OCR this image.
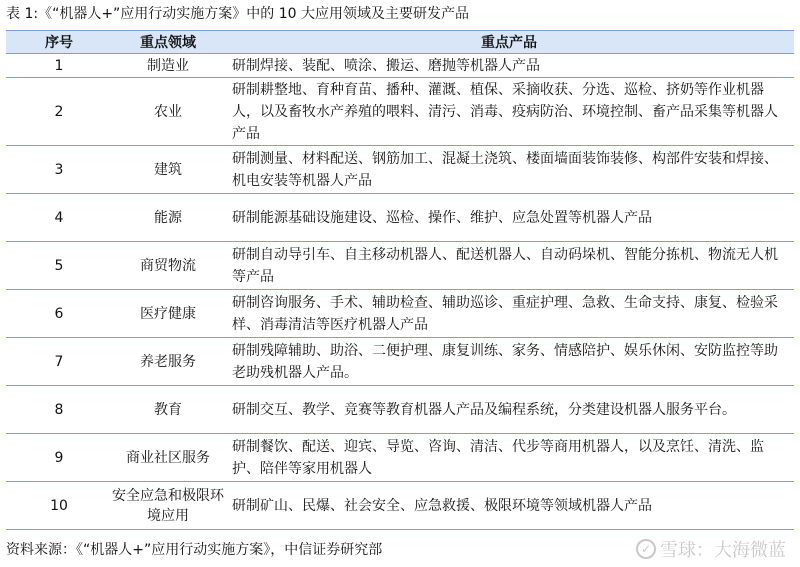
表 1:《“机器人+”应用行动实施方案》中的 10 大应用领域及主要研发产品
序号	重点领域	重点产品
1	制造业	研制焊接、装配、喷涂、搬运、磨抛等机器人产品
2	农业	研制耕整地、育种育苗、播种、灌溉、植保、采摘收获、分选、巡检、挤奶等作业机器人，以及畜牧水产养殖的喂料、清污、消毒、疫病防治、环境控制、畜产品采集等机器人产品
3	建筑	研制测量、材料配送、钢筋加工、混凝土浇筑、楼面墙面装饰装修、构部件安装和焊接、机电安装等机器人产品
4	能源	研制能源基础设施建设、巡检、操作、维护、应急处置等机器人产品
5	商贸物流	研制自动导引车、自主移动机器人、配送机器人、自动码垛机、智能分拣机、物流无人机等产品
6	医疗健康	研制咨询服务、手术、辅助检查、辅助巡诊、重症护理、急救、生命支持、康复、检验采样、消毒清洁等医疗机器人产品
7	养老服务	研制残障辅助、助浴、二便护理、康复训练、家务、情感陪护、娱乐休闲、安防监控等助老助残机器人产品。
8	教育	研制交互、教学、竞赛等教育机器人产品及编程系统，分类建设机器人服务平台。
9	商业社区服务	研制餐饮、配送、迎宾、导览、咨询、清洁、代步等商用机器人，以及烹饪、清洗、监护、陪伴等家用机器人
10	安全应急和极限环境应用	研制矿山、民爆、社会安全、应急救援、极限环境等领域机器人产品
资料来源：《“机器人+”应用行动实施方案》，中信证券研究部	✓ 雪球：大海微蓝
